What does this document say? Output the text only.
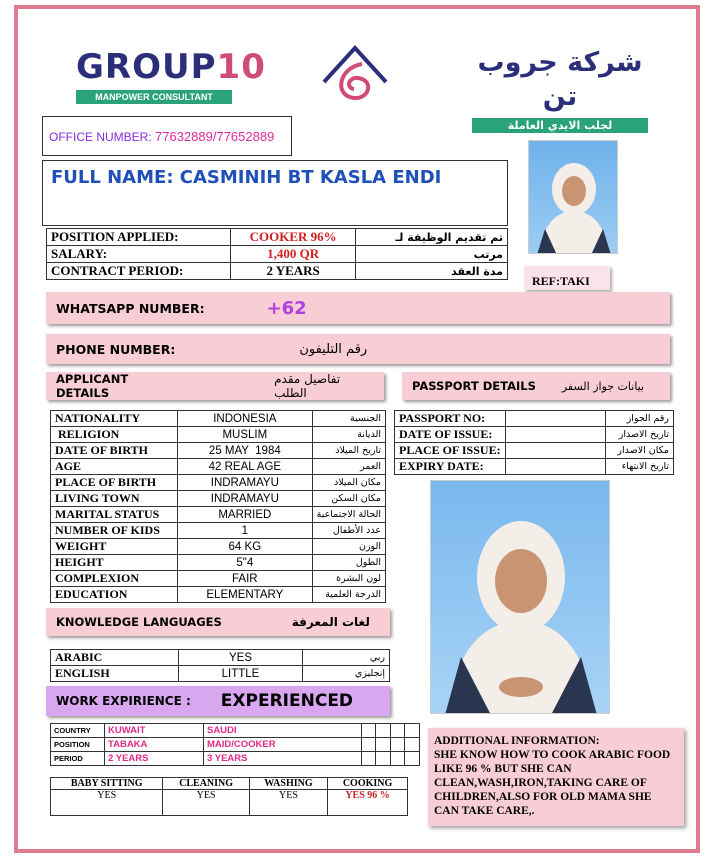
GROUP10
MANPOWER CONSULTANT
شركة جروب تن
لجلب الايدي العاملة
OFFICE NUMBER: 77632889/77652889
FULL NAME: CASMINIH BT KASLA ENDI
POSITION APPLIED:	COOKER 96%	تم تقديم الوظيفة لـ
SALARY:	1,400 QR	مرتب
CONTRACT PERIOD:	2 YEARS	مدة العقد
REF:TAKI
WHATSAPP NUMBER:	+62
PHONE NUMBER:	رقم التليفون
APPLICANT DETAILS
تفاصيل مقدم الطلب	PASSPORT DETAILS بيانات جواز السفر
NATIONALITY	INDONESIA	الجنسية
RELIGION	MUSLIM	الديانة
DATE OF BIRTH	25 MAY  1984	تاريخ الميلاد
AGE	42 REAL AGE	العمر
PLACE OF BIRTH	INDRAMAYU	مكان الميلاد
LIVING TOWN	INDRAMAYU	مكان السكن
MARITAL STATUS	MARRIED	الحالة الاجتماعية
NUMBER OF KIDS	1	عدد الأطفال
WEIGHT	64 KG	الوزن
HEIGHT	5"4	الطول
COMPLEXION	FAIR	لون البشرة
EDUCATION	ELEMENTARY	الدرجة العلمية
PASSPORT NO:		رقم الجواز
DATE OF ISSUE:		تاريخ الاصدار
PLACE OF ISSUE:		مكان الاصدار
EXPIRY DATE:		تاريخ الانتهاء
KNOWLEDGE LANGUAGES	لغات المعرفة
ARABIC	YES	ربي
ENGLISH	LITTLE	إنجليزي
WORK EXPIRIENCE : EXPERIENCED
COUNTRY	KUWAIT	SAUDI				
POSITION	TABAKA	MAID/COOKER				
PERIOD	2 YEARS	3 YEARS				
BABY SITTING	CLEANING	WASHING	COOKING
YES	YES	YES	YES 96 %
ADDITIONAL INFORMATION:
SHE KNOW HOW TO COOK ARABIC FOOD LIKE 96 % BUT SHE CAN CLEAN,WASH,IRON,TAKING CARE OF CHILDREN,ALSO FOR OLD MAMA SHE CAN TAKE CARE,.
